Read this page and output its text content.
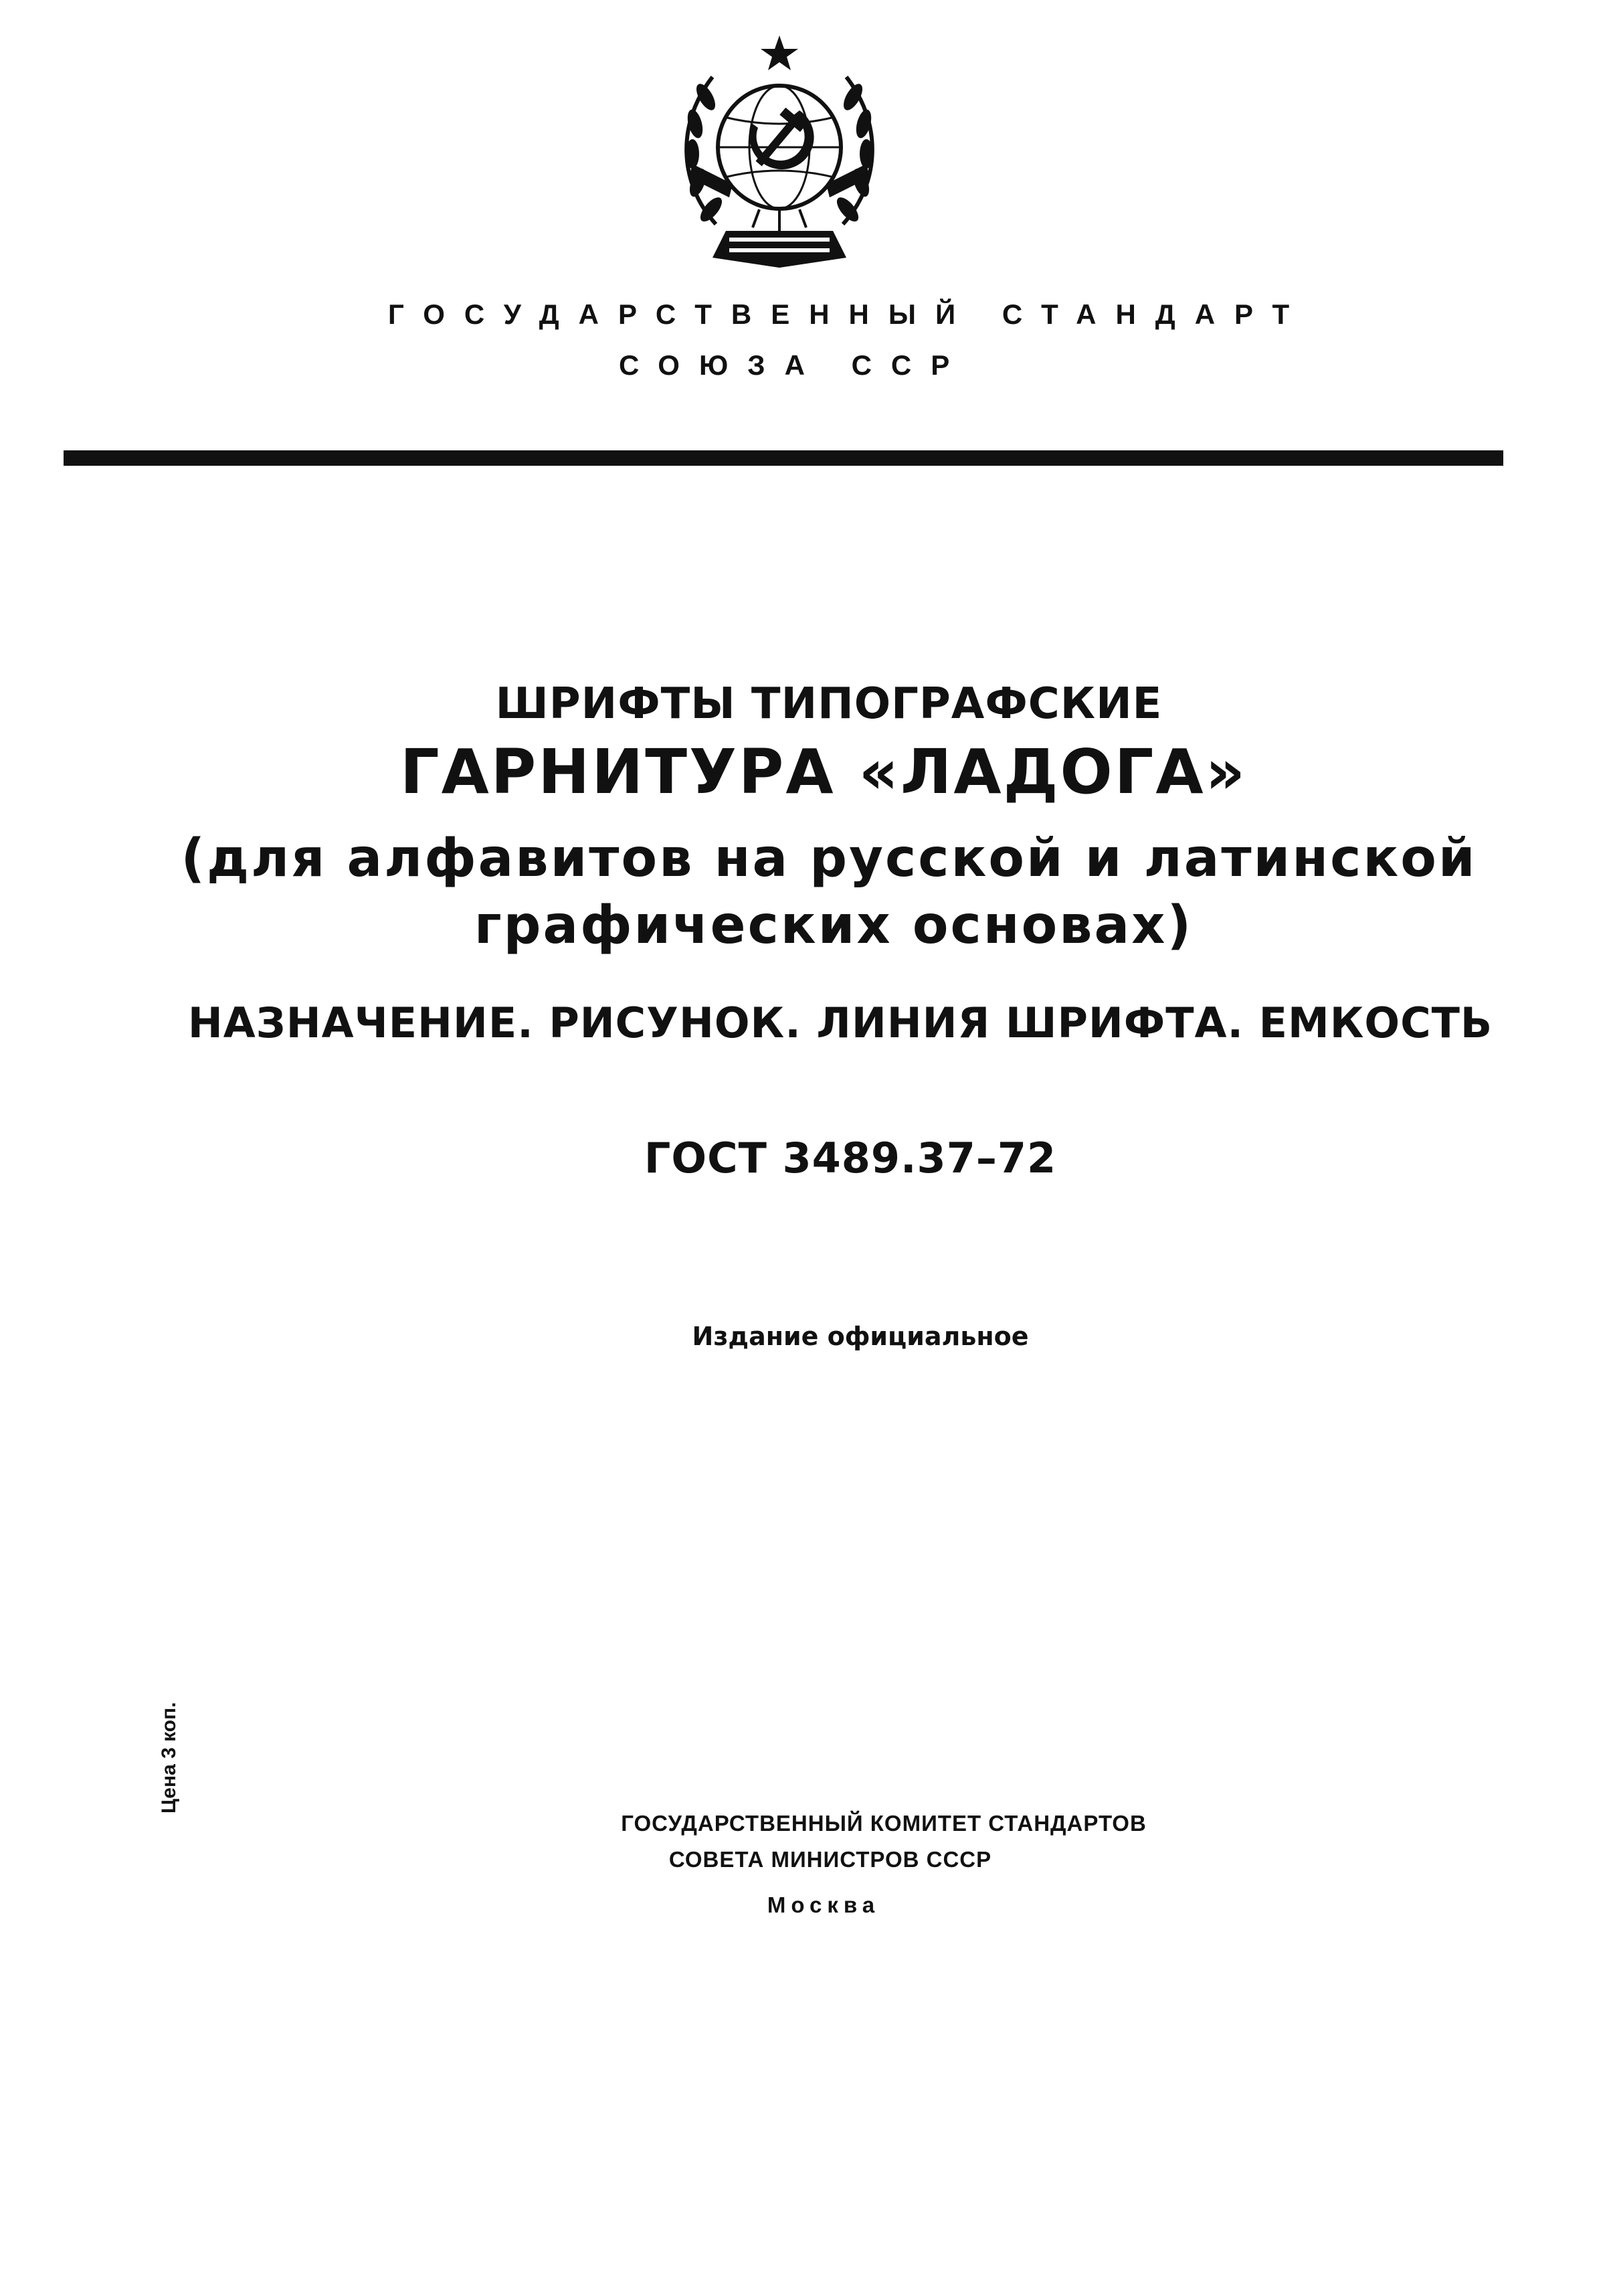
ГОСУДАРСТВЕННЫЙ СТАНДАРТ
СОЮЗА ССР
ШРИФТЫ ТИПОГРАФСКИЕ
ГАРНИТУРА «ЛАДОГА»
(для алфавитов на русской и латинской
графических основах)
НАЗНАЧЕНИЕ. РИСУНОК. ЛИНИЯ ШРИФТА. ЕМКОСТЬ
ГОСТ 3489.37–72
Издание официальное
Цена 3 коп.
ГОСУДАРСТВЕННЫЙ КОМИТЕТ СТАНДАРТОВ
СОВЕТА МИНИСТРОВ СССР
Москва
